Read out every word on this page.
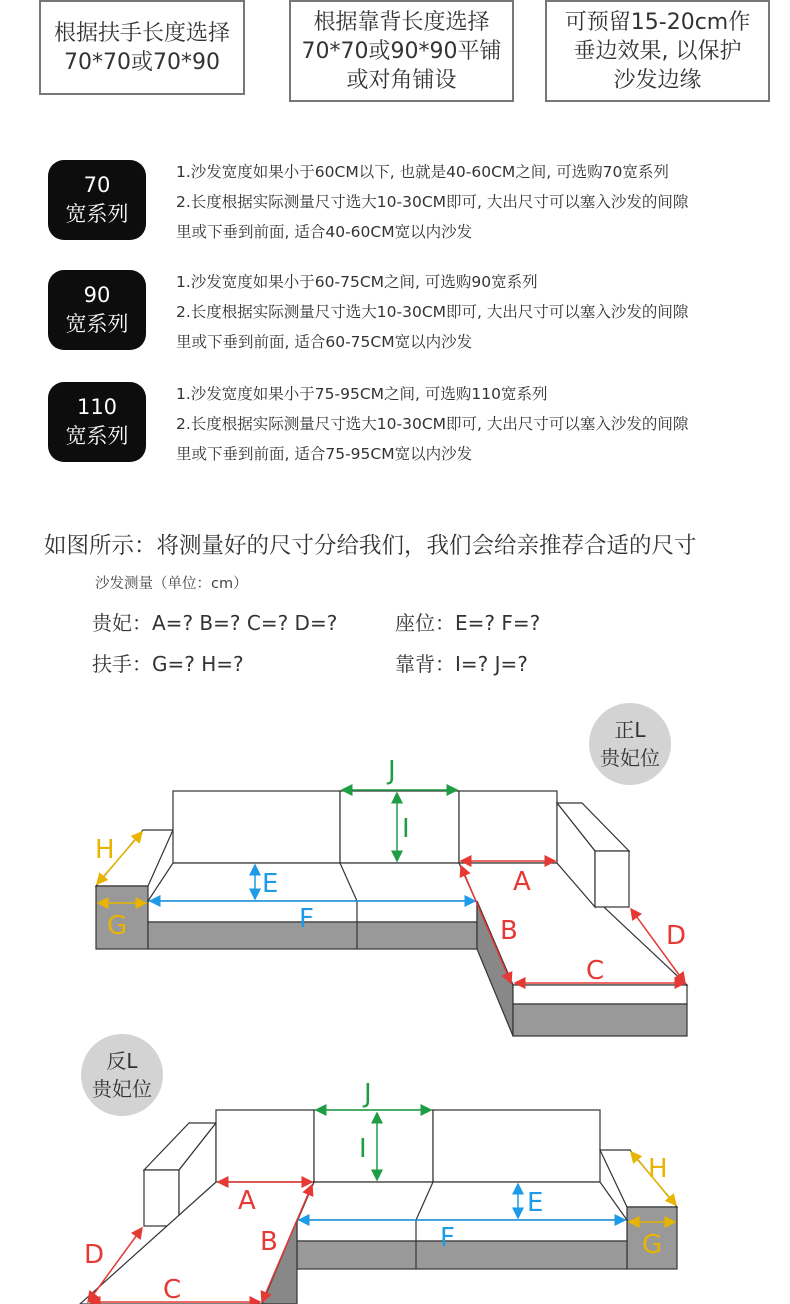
根据扶手长度选择
70*70或70*90
根据靠背长度选择
70*70或90*90平铺
或对角铺设
可预留15-20cm作
垂边效果, 以保护
沙发边缘
70
宽系列
1.沙发宽度如果小于60CM以下, 也就是40-60CM之间, 可选购70宽系列
2.长度根据实际测量尺寸选大10-30CM即可, 大出尺寸可以塞入沙发的间隙
里或下垂到前面, 适合40-60CM宽以内沙发
90
宽系列
1.沙发宽度如果小于60-75CM之间, 可选购90宽系列
2.长度根据实际测量尺寸选大10-30CM即可, 大出尺寸可以塞入沙发的间隙
里或下垂到前面, 适合60-75CM宽以内沙发
110
宽系列
1.沙发宽度如果小于75-95CM之间, 可选购110宽系列
2.长度根据实际测量尺寸选大10-30CM即可, 大出尺寸可以塞入沙发的间隙
里或下垂到前面, 适合75-95CM宽以内沙发
如图所示：将测量好的尺寸分给我们，我们会给亲推荐合适的尺寸
沙发测量（单位：cm）
贵妃：A=? B=? C=? D=?	座位：E=? F=?
扶手：G=? H=?	靠背：I=? J=?
正L
贵妃位
反L
贵妃位
J
I
H
G
E
F
A
B
C
D
J
I
H
G
E
F
A
B
C
D
